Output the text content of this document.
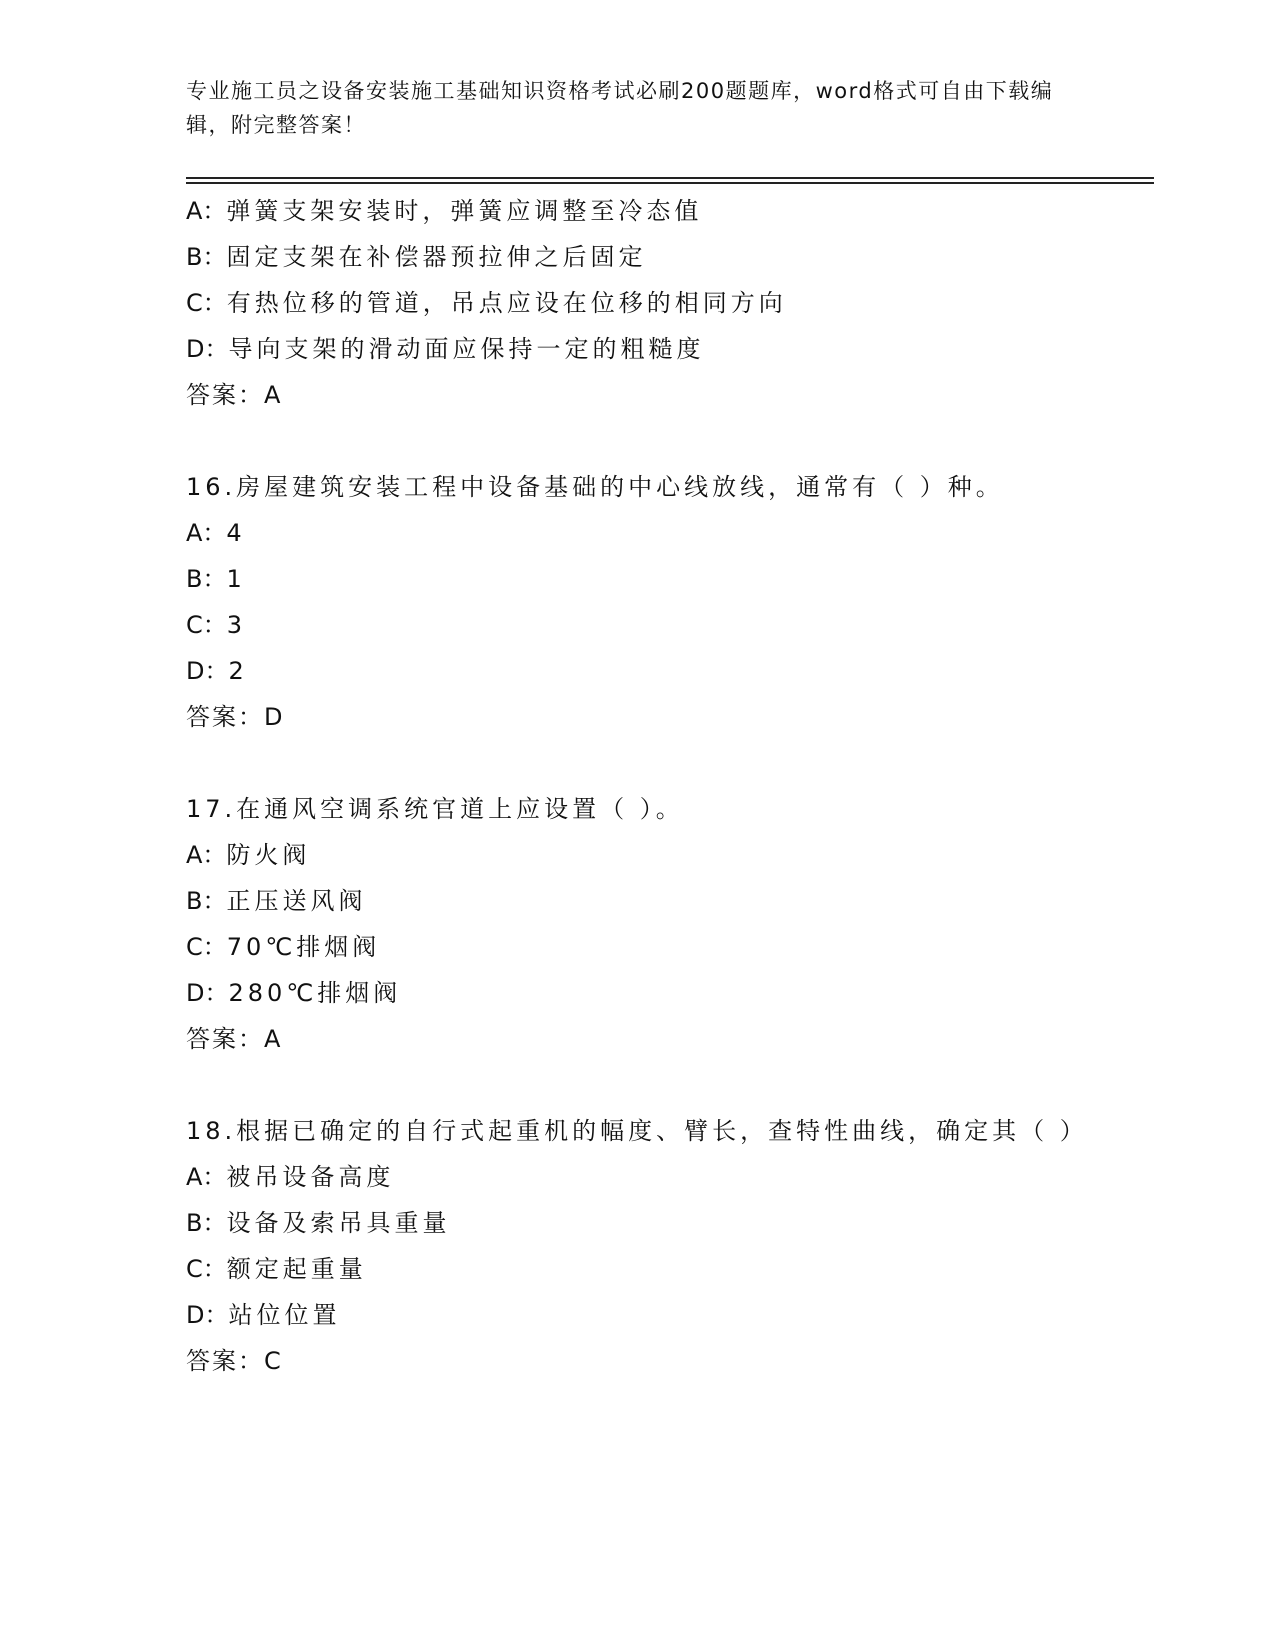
专业施工员之设备安装施工基础知识资格考试必刷200题题库，word格式可自由下载编辑，附完整答案！
A：弹簧支架安装时，弹簧应调整至冷态值
B：固定支架在补偿器预拉伸之后固定
C：有热位移的管道，吊点应设在位移的相同方向
D：导向支架的滑动面应保持一定的粗糙度
答案：A
16.房屋建筑安装工程中设备基础的中心线放线，通常有（ ）种。
A：4
B：1
C：3
D：2
答案：D
17.在通风空调系统官道上应设置（ ）。
A：防火阀
B：正压送风阀
C：70℃排烟阀
D：280℃排烟阀
答案：A
18.根据已确定的自行式起重机的幅度、臂长，查特性曲线，确定其（ ）
A：被吊设备高度
B：设备及索吊具重量
C：额定起重量
D：站位位置
答案：C
